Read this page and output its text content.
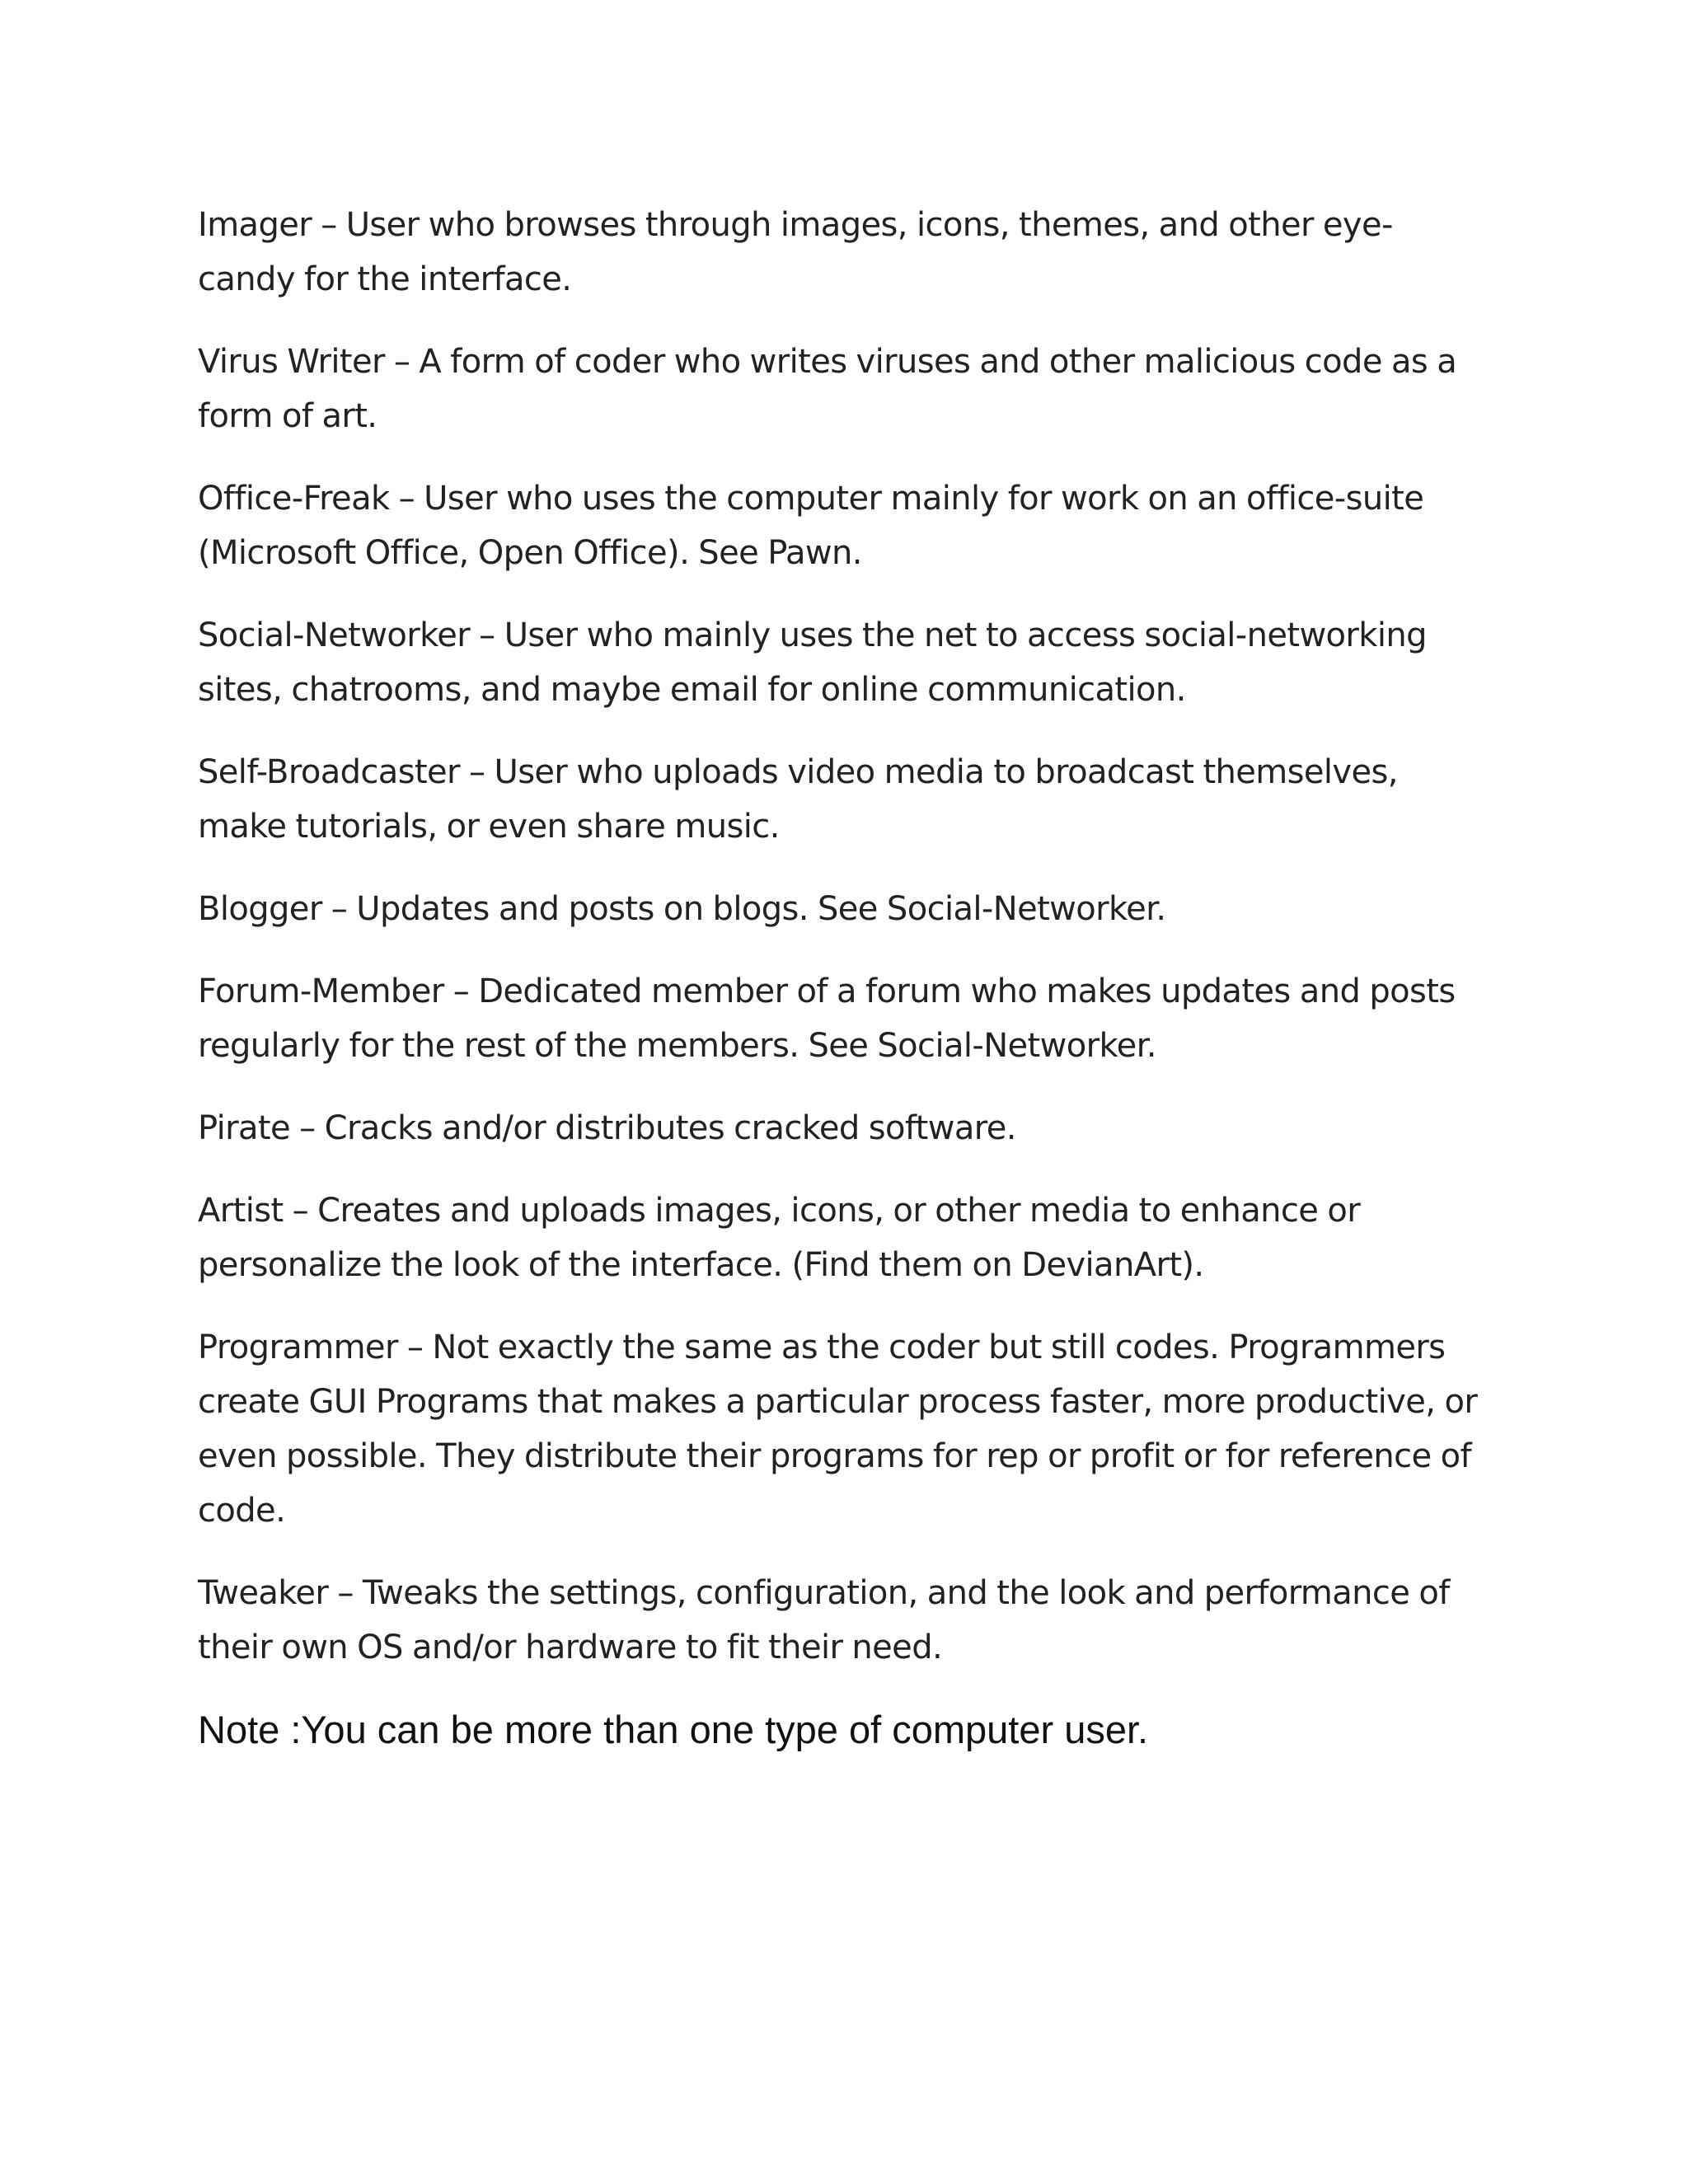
Imager – User who browses through images, icons, themes, and other eye-candy for the interface.

Virus Writer – A form of coder who writes viruses and other malicious code as a form of art.

Office-Freak – User who uses the computer mainly for work on an office-suite (Microsoft Office, Open Office). See Pawn.

Social-Networker – User who mainly uses the net to access social-networking sites, chatrooms, and maybe email for online communication.

Self-Broadcaster – User who uploads video media to broadcast themselves, make tutorials, or even share music.

Blogger – Updates and posts on blogs. See Social-Networker.

Forum-Member – Dedicated member of a forum who makes updates and posts regularly for the rest of the members. See Social-Networker.

Pirate – Cracks and/or distributes cracked software.

Artist – Creates and uploads images, icons, or other media to enhance or personalize the look of the interface. (Find them on DevianArt).

Programmer – Not exactly the same as the coder but still codes. Programmers create GUI Programs that makes a particular process faster, more productive, or even possible. They distribute their programs for rep or profit or for reference of code.

Tweaker – Tweaks the settings, configuration, and the look and performance of their own OS and/or hardware to fit their need.

Note :You can be more than one type of computer user.
